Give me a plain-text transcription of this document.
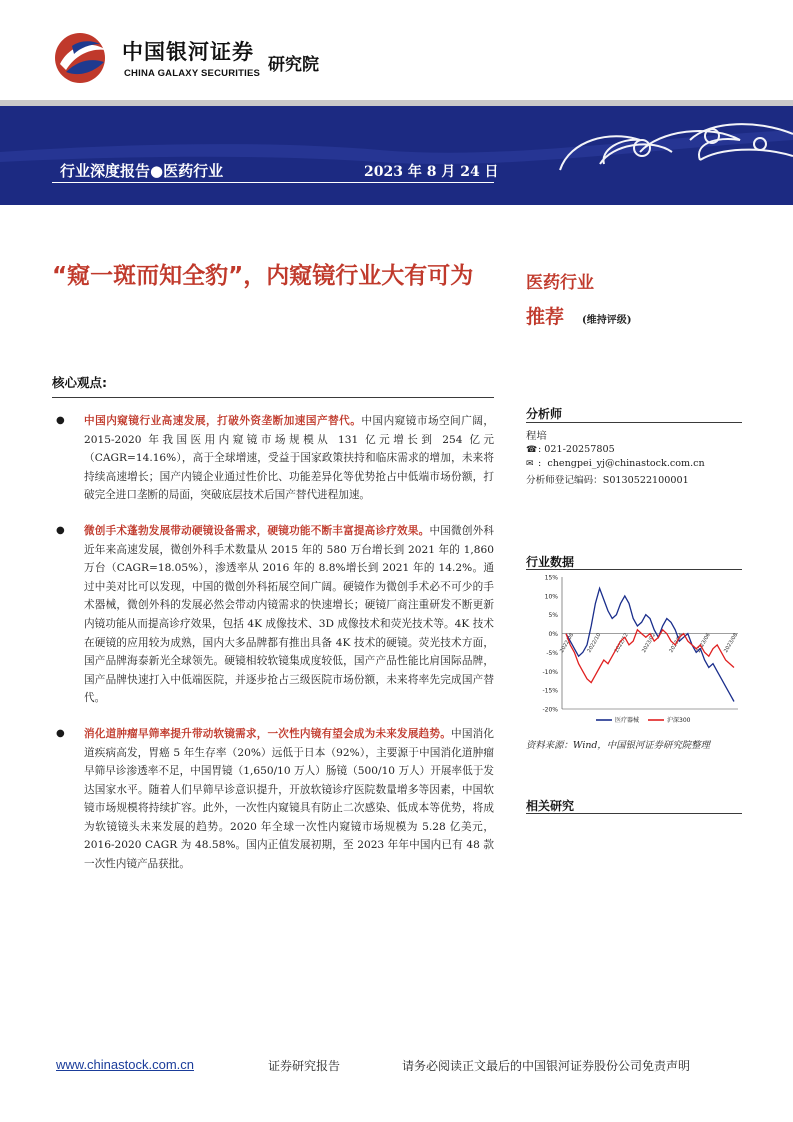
中国银河证券
CHINA GALAXY SECURITIES 研究院
行业深度报告●医药行业	2023 年 8 月 24 日
“窥一斑而知全豹”，内窥镜行业大有可为	医药行业
推荐 (维持评级)
核心观点:
● 中国内窥镜行业高速发展，打破外资垄断加速国产替代。中国内窥镜市场空间广阔，2015-2020 年我国医用内窥镜市场规模从 131 亿元增长到 254 亿元（CAGR=14.16%），高于全球增速，受益于国家政策扶持和临床需求的增加，未来将持续高速增长；国产内镜企业通过性价比、功能差异化等优势抢占中低端市场份额，打破完全进口垄断的局面，突破底层技术后国产替代进程加速。
● 微创手术蓬勃发展带动硬镜设备需求，硬镜功能不断丰富提高诊疗效果。中国微创外科近年来高速发展，微创外科手术数量从 2015 年的 580 万台增长到 2021 年的 1,860 万台（CAGR=18.05%），渗透率从 2016 年的 8.8%增长到 2021 年的 14.2%。通过中美对比可以发现，中国的微创外科拓展空间广阔。硬镜作为微创手术必不可少的手术器械，微创外科的发展必然会带动内镜需求的快速增长；硬镜厂商注重研发不断更新内镜功能从而提高诊疗效果，包括 4K 成像技术、3D 成像技术和荧光技术等。4K 技术在硬镜的应用较为成熟，国内大多品牌都有推出具备 4K 技术的硬镜。荧光技术方面，国产品牌海泰新光全球领先。硬镜相较软镜集成度较低，国产产品性能比肩国际品牌，国产品牌快速打入中低端医院，并逐步抢占三级医院市场份额，未来将率先完成国产替代。
● 消化道肿瘤早筛率提升带动软镜需求，一次性内镜有望会成为未来发展趋势。中国消化道疾病高发，胃癌 5 年生存率（20%）远低于日本（92%），主要源于中国消化道肿瘤早筛早诊渗透率不足，中国胃镜（1,650/10 万人）肠镜（500/10 万人）开展率低于发达国家水平。随着人们早筛早诊意识提升，开放软镜诊疗医院数量增多等因素，中国软镜市场规模将持续扩容。此外，一次性内窥镜具有防止二次感染、低成本等优势，将成为软镜镜头未来发展的趋势。2020 年全球一次性内窥镜市场规模为 5.28 亿美元，2016-2020 CAGR 为 48.58%。国内正值发展初期，至 2023 年年中国内已有 48 款一次性内镜产品获批。
分析师
程培
☎: 021-20257805
✉ :  chengpei_yj@chinastock.com.cn
分析师登记编码：S0130522100001
行业数据
15%
10%
5%
0%
-5%
-10%
-15%
-20%
2022/08 2022/10 2022/12 2023/02 2023/04 2023/06 2023/08
医疗器械	沪深300
资料来源：Wind，中国银河证券研究院整理
相关研究
www.chinastock.com.cn	证券研究报告	请务必阅读正文最后的中国银河证券股份公司免责声明
